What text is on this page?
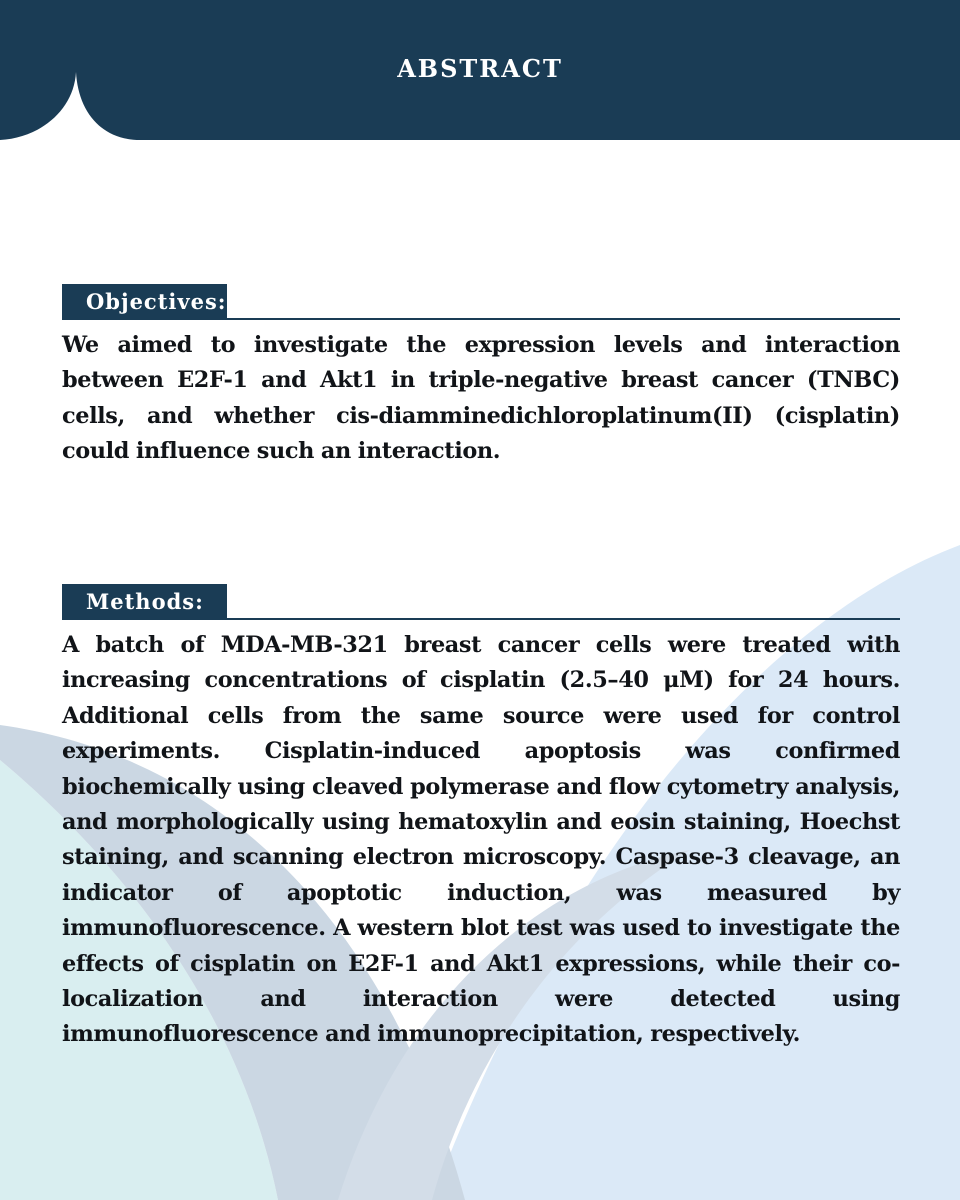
ABSTRACT
Objectives:

We aimed to investigate the expression levels and interaction between E2F-1 and Akt1 in triple-negative breast cancer (TNBC) cells, and whether cis-diamminedichloroplatinum(II) (cisplatin) could influence such an interaction.

Methods:

A batch of MDA-MB-321 breast cancer cells were treated with increasing concentrations of cisplatin (2.5–40 μM) for 24 hours. Additional cells from the same source were used for control experiments. Cisplatin-induced apoptosis was confirmed biochemically using cleaved polymerase and flow cytometry analysis, and morphologically using hematoxylin and eosin staining, Hoechst staining, and scanning electron microscopy. Caspase-3 cleavage, an indicator of apoptotic induction, was measured by immunofluorescence. A western blot test was used to investigate the effects of cisplatin on E2F-1 and Akt1 expressions, while their co-localization and interaction were detected using immunofluorescence and immunoprecipitation, respectively.
